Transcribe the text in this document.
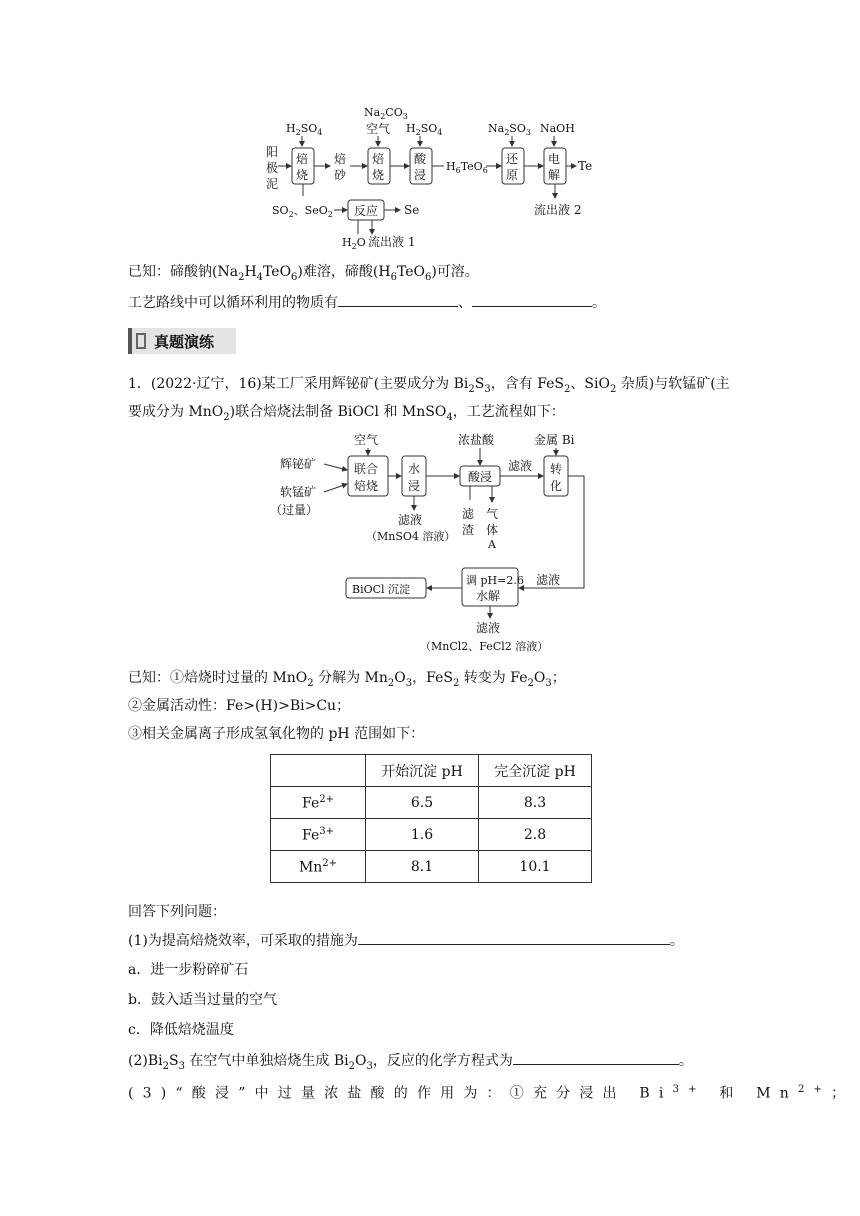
$H_2SO_4$
$Na_2CO_3$
空气 $H_2SO_4$	$Na_2SO_3$ NaOH
阳
极
泥
焙
烧
焙
砂
焙
烧
酸
浸
还
原
电
解
反应
$H_6TeO_6$	Te
$SO_2$、SeO$_2$	Se
$H_2O$ 流出液 1
流出液 2
已知：碲酸钠$(Na_2H_4TeO_6)$难溶，碲酸$(H_6TeO_6)$可溶。
工艺路线中可以循环利用的物质有	、	。
真题演练
1．(2022·辽宁，16)某工厂采用辉铋矿(主要成分为 $Bi_2S_3$，含有 FeS$_2$、SiO$_2$ 杂质)与软锰矿(主
要成分为 MnO$_2$)联合焙烧法制备 BiOCl 和 MnSO$_4$，工艺流程如下：
辉铋矿
软锰矿
（过量）
空气	浓盐酸	金属 Bi
联合
焙烧
水
浸
酸浸
转
化
滤液
滤液
（MnSO4 溶液）
滤
渣
气
体
A
滤液
调 pH=2.6
水解
BiOCl 沉淀
滤液
（MnCl2、FeCl2 溶液）
已知：①焙烧时过量的 MnO$_2$ 分解为 $Mn_2O_3$，FeS$_2$ 转变为 $Fe_2O_3$；
②金属活动性：Fe>(H)>Bi>Cu；
③相关金属离子形成氢氧化物的 pH 范围如下：
	开始沉淀 pH	完全沉淀 pH
$Fe^{2+}$	6.5	8.3
$Fe^{3+}$	1.6	2.8
$Mn^{2+}$	8.1	10.1
回答下列问题：
(1)为提高焙烧效率，可采取的措施为	。
a．进一步粉碎矿石
b．鼓入适当过量的空气
c．降低焙烧温度
$(2)Bi_2S_3$ 在空气中单独焙烧生成 $Bi_2O_3$，反应的化学方程式为	。
(3)“酸浸”中过量浓盐酸的作用为：①充分浸出 $Bi^{3+}$ 和 $Mn^{2+}$；
